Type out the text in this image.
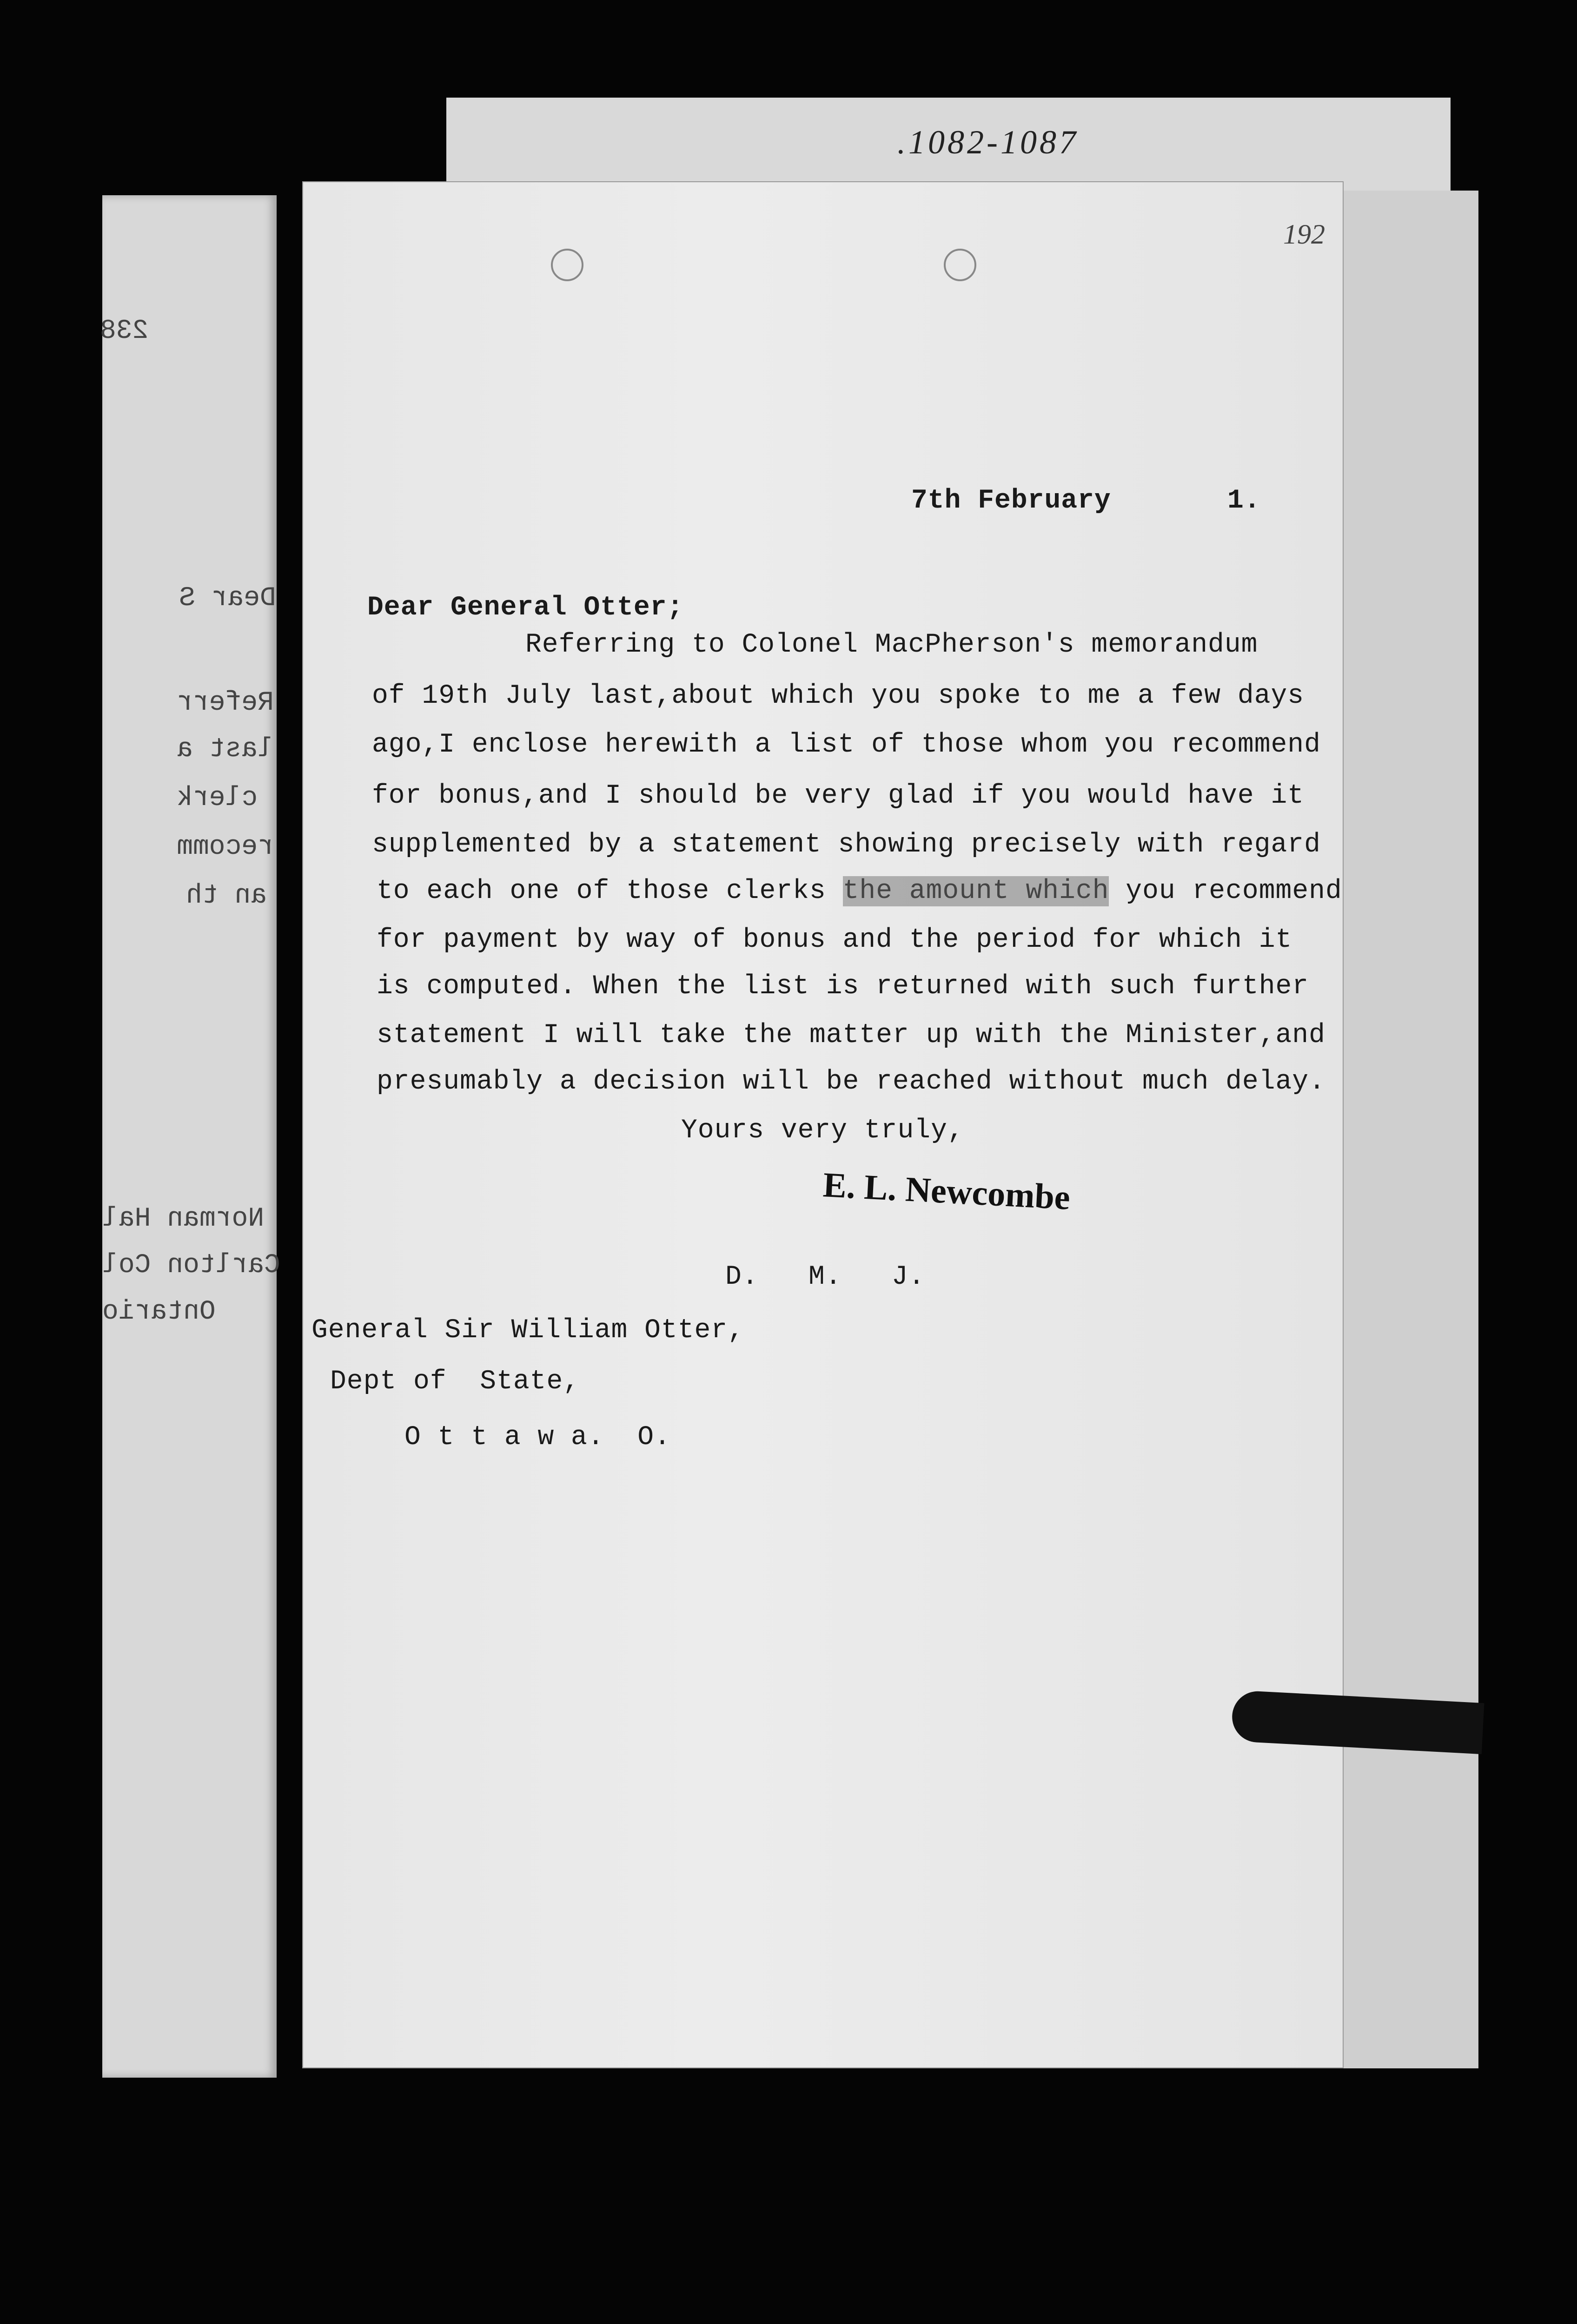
.1082-1087
192
238
Dear S
Referr
last a
clerk
recomm
an th
Norman Hal
Carlton Col
Ontario
7th February	1.
Dear General Otter;
Referring to Colonel MacPherson's memorandum
of 19th July last,about which you spoke to me a few days
ago,I enclose herewith a list of those whom you recommend
for bonus,and I should be very glad if you would have it
supplemented by a statement showing precisely with regard
to each one of those clerks the amount which you recommend
for payment by way of bonus and the period for which it
is computed. When the list is returned with such further
statement I will take the matter up with the Minister,and
presumably a decision will be reached without much delay.
Yours very truly,
E. L. Newcombe
D.   M.   J.
General Sir William Otter,
Dept of  State,
O t t a w a.  O.
